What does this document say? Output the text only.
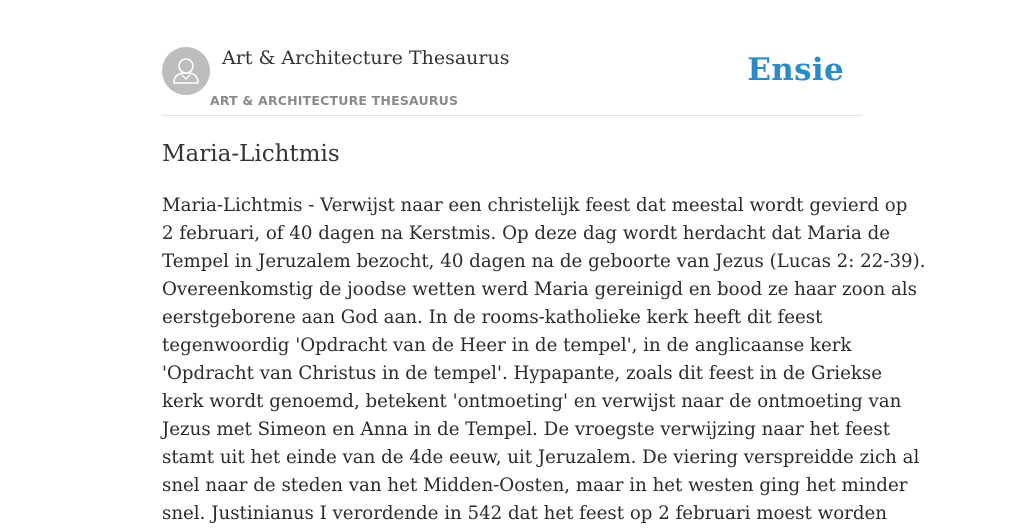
Art & Architecture Thesaurus
ART & ARCHITECTURE THESAURUS
Ensie
Maria-Lichtmis

Maria-Lichtmis - Verwijst naar een christelijk feest dat meestal wordt gevierd op
2 februari, of 40 dagen na Kerstmis. Op deze dag wordt herdacht dat Maria de
Tempel in Jeruzalem bezocht, 40 dagen na de geboorte van Jezus (Lucas 2: 22-39).
Overeenkomstig de joodse wetten werd Maria gereinigd en bood ze haar zoon als
eerstgeborene aan God aan. In de rooms-katholieke kerk heeft dit feest
tegenwoordig 'Opdracht van de Heer in de tempel', in de anglicaanse kerk
'Opdracht van Christus in de tempel'. Hypapante, zoals dit feest in de Griekse
kerk wordt genoemd, betekent 'ontmoeting' en verwijst naar de ontmoeting van
Jezus met Simeon en Anna in de Tempel. De vroegste verwijzing naar het feest
stamt uit het einde van de 4de eeuw, uit Jeruzalem. De viering verspreidde zich al
snel naar de steden van het Midden-Oosten, maar in het westen ging het minder
snel. Justinianus I verordende in 542 dat het feest op 2 februari moest worden
